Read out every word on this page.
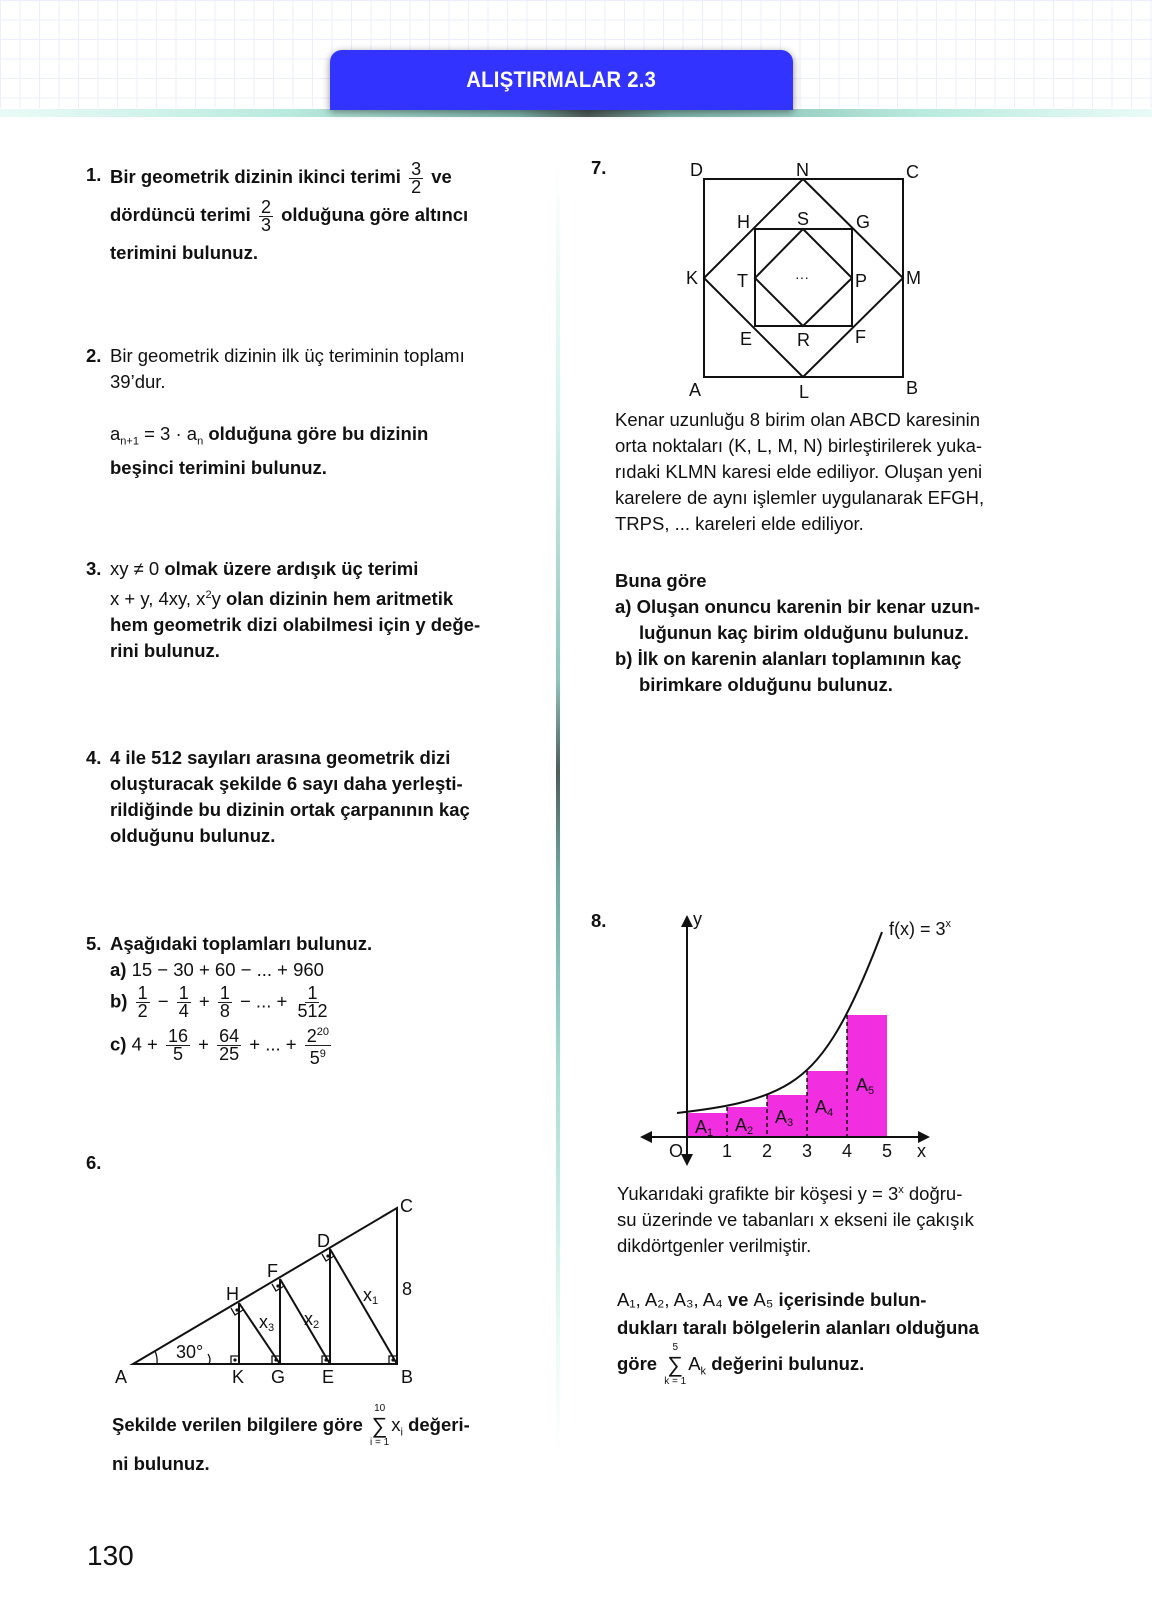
ALIŞTIRMALAR 2.3
1. Bir geometrik dizinin ikinci terimi $\frac{3}{2}$ ve
dördüncü terimi $\frac{2}{3}$ olduğuna göre altıncı
terimini bulunuz.
2. Bir geometrik dizinin ilk üç teriminin toplamı
39’dur.
$a_{n+1} = 3 \cdot a_n$ olduğuna göre bu dizinin
beşinci terimini bulunuz.
3. xy ≠ 0 olmak üzere ardışık üç terimi
x + y, 4xy, $x^2y$ olan dizinin hem aritmetik
hem geometrik dizi olabilmesi için y değe-
rini bulunuz.
4. 4 ile 512 sayıları arasına geometrik dizi
oluşturacak şekilde 6 sayı daha yerleşti-
rildiğinde bu dizinin ortak çarpanının kaç
olduğunu bulunuz.
5. Aşağıdaki toplamları bulunuz.
a) 15 − 30 + 60 − ... + 960
$b) \frac{1}{2} - \frac{1}{4} + \frac{1}{8}$ − ... + $\frac{1}{512}$
c) $4 + \frac{16}{5} + \frac{64}{25}$ + ... + $\frac{2^{20}}{5^9}$
6.
A	B
C
D
E
F
G
H
K
30°
8
x1
x2
x3
Şekilde verilen bilgilere göre
10
∑
i = 1
$x_i$ değeri-
ni bulunuz.
7.	D	N	C
A	L	B
K	M
H	G
E	F
S
R
T	P
···
Kenar uzunluğu 8 birim olan ABCD karesinin
orta noktaları (K, L, M, N) birleştirilerek yuka-
rıdaki KLMN karesi elde ediliyor. Oluşan yeni
karelere de aynı işlemler uygulanarak EFGH,
TRPS, ... kareleri elde ediliyor.
Buna göre
a) Oluşan onuncu karenin bir kenar uzun-
luğunun kaç birim olduğunu bulunuz.
b) İlk on karenin alanları toplamının kaç
birimkare olduğunu bulunuz.
8.	y
x
O 1 2 3 4 5
$f(x) = 3^x$
A1 A2
A3
A4
A5
Yukarıdaki grafikte bir köşesi $y = 3^x$ doğru-
su üzerinde ve tabanları x ekseni ile çakışık
dikdörtgenler verilmiştir.
A₁, A₂, A₃, A₄ ve A₅ içerisinde bulun-
dukları taralı bölgelerin alanları olduğuna
göre
5
∑
k = 1
$A_k$ değerini bulunuz.
130
